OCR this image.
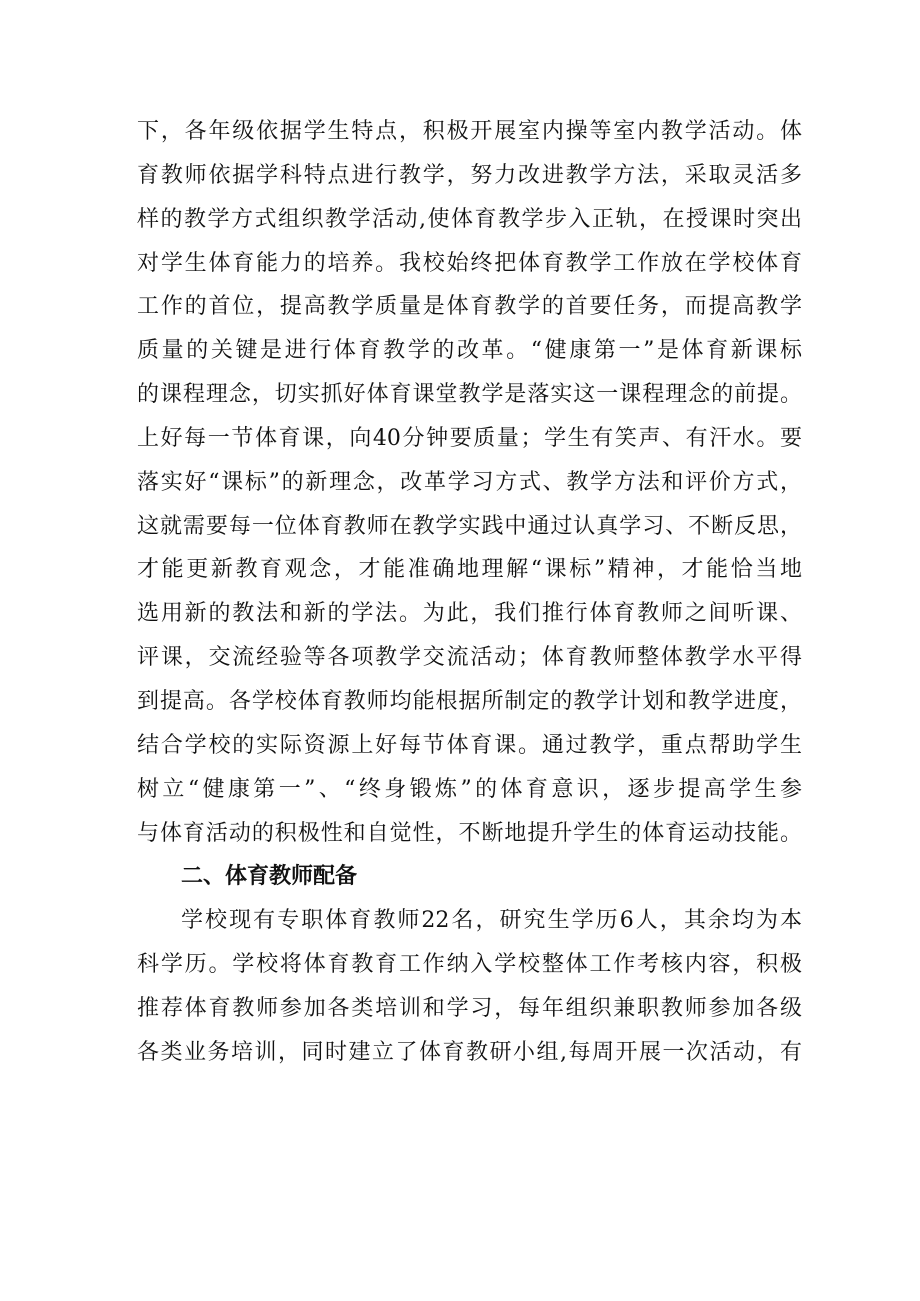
下，各年级依据学生特点，积极开展室内操等室内教学活动。体
育教师依据学科特点进行教学，努力改进教学方法，采取灵活多
样的教学方式组织教学活动,使体育教学步入正轨，在授课时突出
对学生体育能力的培养。我校始终把体育教学工作放在学校体育
工作的首位，提高教学质量是体育教学的首要任务，而提高教学
质量的关键是进行体育教学的改革。“健康第一”是体育新课标
的课程理念，切实抓好体育课堂教学是落实这一课程理念的前提。
上好每一节体育课，向40分钟要质量；学生有笑声、有汗水。要
落实好“课标”的新理念，改革学习方式、教学方法和评价方式，
这就需要每一位体育教师在教学实践中通过认真学习、不断反思，
才能更新教育观念，才能准确地理解“课标”精神，才能恰当地
选用新的教法和新的学法。为此，我们推行体育教师之间听课、
评课，交流经验等各项教学交流活动；体育教师整体教学水平得
到提高。各学校体育教师均能根据所制定的教学计划和教学进度，
结合学校的实际资源上好每节体育课。通过教学，重点帮助学生
树立“健康第一”、“终身锻炼”的体育意识，逐步提高学生参
与体育活动的积极性和自觉性，不断地提升学生的体育运动技能。
二、体育教师配备
学校现有专职体育教师22名，研究生学历6人，其余均为本
科学历。学校将体育教育工作纳入学校整体工作考核内容，积极
推荐体育教师参加各类培训和学习，每年组织兼职教师参加各级
各类业务培训，同时建立了体育教研小组,每周开展一次活动，有
